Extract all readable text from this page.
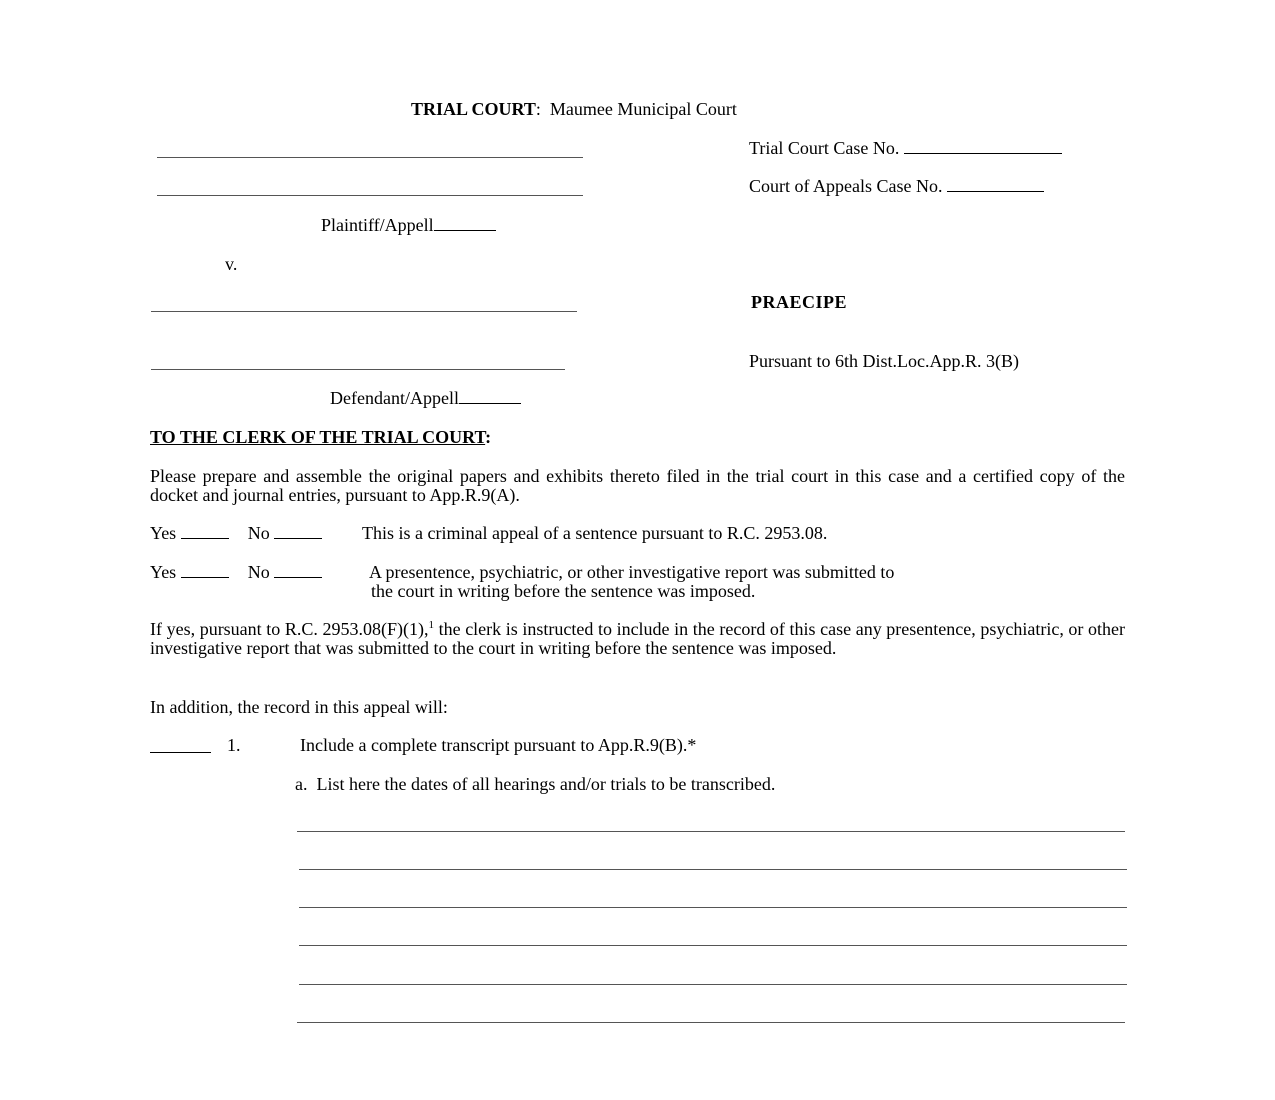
TRIAL COURT: Maumee Municipal Court
Trial Court Case No.
Court of Appeals Case No.
Plaintiff/Appell
v.
PRAECIPE
Pursuant to 6th Dist.Loc.App.R. 3(B)
Defendant/Appell
TO THE CLERK OF THE TRIAL COURT:
Please prepare and assemble the original papers and exhibits thereto filed in the trial court in this case and a certified copy of the docket and journal entries, pursuant to App.R.9(A).
Yes	No	This is a criminal appeal of a sentence pursuant to R.C. 2953.08.
Yes	No	A presentence, psychiatric, or other investigative report was submitted to
the court in writing before the sentence was imposed.
If yes, pursuant to R.C. 2953.08(F)(1),$^1$ the clerk is instructed to include in the record of this case any presentence, psychiatric, or other investigative report that was submitted to the court in writing before the sentence was imposed.
In addition, the record in this appeal will:
1.	Include a complete transcript pursuant to App.R.9(B).*
a. List here the dates of all hearings and/or trials to be transcribed.
